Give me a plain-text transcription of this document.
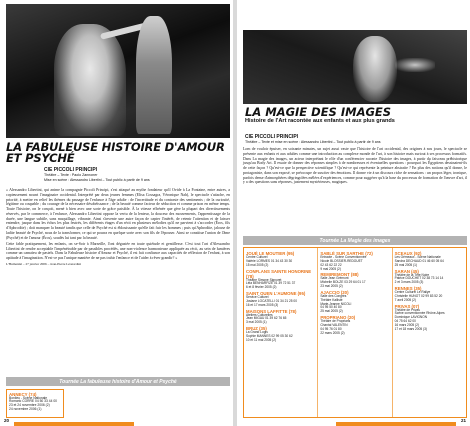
LA FABULEUSE HISTOIRE D'AMOUR ET PSYCHÉ
CIE PICCOLI PRINCIPI
Théâtre – Texte : Paolo Zannoner
Mise en scène : Alessandro Libertini – Tout public à partir de 9 ans

« Alessandro Libertini, qui anime la compagnie Piccoli Principi, s'est attaqué au mythe fondateur qu'il Ovide à La Fontaine, entre autres, a copieusement nourri l'imaginaire occidental. Interprété par deux jeunes femmes (Elisa Cossagra, Véronique Nah), le spectacle s'attache, en priorité, à mettre en relief les thèmes du passage de l'enfance à l'âge adulte : de l'incertitude et du contraste des sentiments ; de la curiosité, légitime ou coupable ; du courage de la nécessaire désobéissance ; de la beauté comme facteur de séduction et comme prison en même temps. Toute l'histoire, on le conçoit, mené à bien avec une sorte de grâce paisible. À la vitesse effrénée que gère la plupart des divertissements réservés, par le commerce, à l'enfance, Alessandro Libertini oppose la vertu de la lenteur, la douceur des mouvements, l'apprentissage de la durée, une langue subtile, sans maquillage, vibrante. Ainsi s'invente une autre façon de capter l'intérêt, de retenir l'attention et de laisser entendre, jusque dans les échos les plus feutrés, les différents étages d'un récit en plusieurs mélodies qu'il ne parvient à s'accorder (Éros, fils d'Aphrodite) ; doit manquer la beauté tandis que celle de Psyché est si éblouissante qu'elle fait fuir les hommes ; puis qu'Aphrodite, jalouse de ladite beauté de Psyché, nous de la transformer, ce qui se pourra en quelque sorte avec son fils de l'épouser. Ainsi se constitue l'union de l'âme (Psyché) et de l'amour (Éros), soudés lui tant par la beauté.

Cette fable pratiquement, les enfants, on se-Soir à Marseille, l'ont dégustée en toute quiétude et gentillesse. C'est tout l'art d'Alessandro Libertini de rendre acceptable l'impénétrable par de passibles procédés, une non-violence harmonieuse appliquée au récit, au sein de lumières comme un camaïeu de pastels. Dans la Fabuleuse histoire d'Amour et Psyché, il est fait confiance aux capacités de réflexion de l'enfant, à son aptitude à l'imagination. N'est-ce pas l'unique manière de ne pas trahir l'enfance et de l'aider à rêver grandir? »

L'Humanité – 27 janvier 2006 – Jean-Pierre Léonardini
Tournée La fabuleuse histoire d'Amour et Psyché
ANNECY (74)
Bonlieu - Scène Nationale
Romaric CORRE 04 50 33 44 00
23 et 24 novembre 2006 (2)
24 novembre 2006 (1)
20
LA MAGIE DES IMAGES
Histoire de l'Art racontée aux enfants et aux plus grands
CIE PICCOLI PRINCIPI
Théâtre – Texte et mise en scène : Alessandro Libertini – Tout public à partir de 9 ans

Lom de vouloir épuiser, en soixante minutes, un sujet aussi vaste que l'histoire de l'art occidental, des origines à nos jours, le spectacle se présente aux enfants et aux adultes comme une introduction au complexe monde de l'art, à son histoire mais surtout à ses processus formatifs. Dans La magie des images, un acteur interprétant le rôle d'un conférencier raconte l'histoire des images, à partir du faisceau préhistorique jusqu'au Body Art. Il essaie de donner des réponses simples à de nombreuses et éventuelles questions : pourquoi les Égyptiens dessinaient-ils de cette façon ? Qu'est-ce que la perspective scientifique ? Qu'est-ce qui représente la peinture abstraite ? En plus des notions qu'il donne, le protagoniste, dans son exposé, se préoccupe de susciter des émotions. Il donne vie à un discours riche de sensations : un propos léger, ironique, parfois dense d'atmosphères dégringolées mêlées d'expériences, comme pour suggérer qu'à la base du processus de formation de l'œuvre d'art, il y a des questions sans réponses, justement mystérieuses, magiques.

Tournée La Magie des images
JOUÉ LE MOUTIER (95)
Centre Culturel
Valérie LORMES 01 34 43 30 30
15 mai 2005 (2)
CONFLANS SAINTE HONORINE (78)
Théâtre Simone Signoret
Léla BENHARFIZE 01 39 72 51 37
6 et 8 février 2005 (2)
SAINT OUEN L'AUMONE (95)
Service Culturel
Josiane LOCATELLI 01 34 21 25 00
16 et 17 mars 2005 (3)
MAISONS LAFFITTE (78)
Ateliers Culturelles
Jean MIGAU 01 39 62 76 65
3 mai 2005 (1)
BRUZ (35)
La Grand Logis
Sophie MANNES 02 99 05 30 62
10 et 11 mai 2005 (2)
SABLÉ SUR SARTHE (72)
Entracte - Scène Conventionnée
Nicole BLOSSIER-REDOUET
02 43 62 22 22
9 mai 2005 (2)
REMIREMONT (88)
Salle Jean Grémont
Michelle BOLZE 03 29 64 01 17
23 mai 2005 (2)
AJACCIO (20)
Salle des Congrès
Théâtre Kallisté
Marie-Jeanne NICOLI
04 95 50 40 80
25 mai 2005 (2)
PROPRIANO (20)
Théâtre de Proprians
Chantal VALENTIN
04 95 76 01 80
22 mars 2005 (2)
SCEAUX (92)
Les Gémeaux - Scène Nationale
Sandra DECHAUD 01 46 60 05 64
25 mai 2005 (1)
SARAN (45)
Théâtre de la Tête Noire
Patrice DOUCHET 02 38 73 14 14
2 et 3 mars 2005 (3)
RENNES (35)
Centre Culturel Le Rallye
Christelle HUNOT 02 99 83 52 20
7 avril 2005 (2)
PRIVAS (07)
Théâtre de Privas
Scène conventionnée Rhône-Alpes
Dominique LAVIGNON
04 75 64 62 00
16 mars 2005 (2)
17 et 18 mars 2005 (3)
21
